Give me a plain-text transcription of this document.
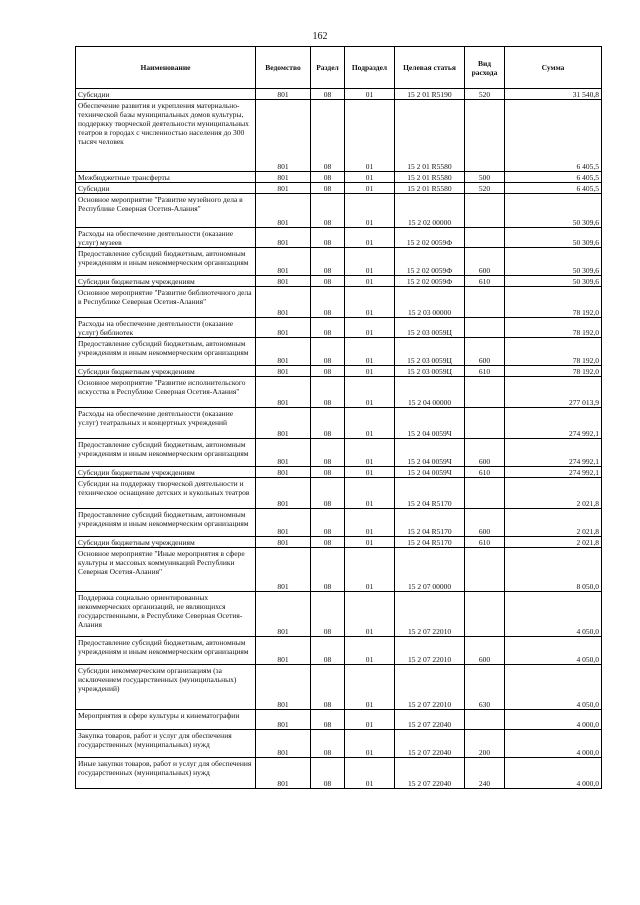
162
Наименование	Ведомство	Раздел	Подраздел	Целевая статья	Вид расхода	Сумма
Субсидии	801	08	01	15 2 01 R5190	520	31 540,8
Обеспечение развития и укрепления материально-технической базы муниципальных домов культуры, поддержку творческой деятельности муниципальных театров в городах с численностью населения до 300 тысяч человек	801	08	01	15 2 01 R5580		6 405,5
Межбюджетные трансферты	801	08	01	15 2 01 R5580	500	6 405,5
Субсидии	801	08	01	15 2 01 R5580	520	6 405,5
Основное мероприятие "Развитие музейного дела в Республике Северная Осетия-Алания"	801	08	01	15 2 02 00000		50 309,6
Расходы на обеспечение деятельности (оказание услуг) музеев	801	08	01	15 2 02 0059Ф		50 309,6
Предоставление субсидий бюджетным, автономным учреждениям и иным некоммерческим организациям	801	08	01	15 2 02 0059Ф	600	50 309,6
Субсидии бюджетным учреждениям	801	08	01	15 2 02 0059Ф	610	50 309,6
Основное мероприятие "Развитие библиотечного дела в Республике Северная Осетия-Алания"	801	08	01	15 2 03 00000		78 192,0
Расходы на обеспечение деятельности (оказание услуг) библиотек	801	08	01	15 2 03 0059Ц		78 192,0
Предоставление субсидий бюджетным, автономным учреждениям и иным некоммерческим организациям	801	08	01	15 2 03 0059Ц	600	78 192,0
Субсидии бюджетным учреждениям	801	08	01	15 2 03 0059Ц	610	78 192,0
Основное мероприятие "Развитие исполнительского искусства в Республике Северная Осетия-Алания"	801	08	01	15 2 04 00000		277 013,9
Расходы на обеспечение деятельности (оказание услуг) театральных и концертных учреждений	801	08	01	15 2 04 0059Ч		274 992,1
Предоставление субсидий бюджетным, автономным учреждениям и иным некоммерческим организациям	801	08	01	15 2 04 0059Ч	600	274 992,1
Субсидии бюджетным учреждениям	801	08	01	15 2 04 0059Ч	610	274 992,1
Субсидии на поддержку творческой деятельности и техническое оснащение детских и кукольных театров	801	08	01	15 2 04 R5170		2 021,8
Предоставление субсидий бюджетным, автономным учреждениям и иным некоммерческим организациям	801	08	01	15 2 04 R5170	600	2 021,8
Субсидии бюджетным учреждениям	801	08	01	15 2 04 R5170	610	2 021,8
Основное мероприятие "Иные мероприятия в сфере культуры и массовых коммуникаций Республики Северная Осетия-Алания"	801	08	01	15 2 07 00000		8 050,0
Поддержка социально ориентированных некоммерческих организаций, не являющихся государственными, в Республике Северная Осетия-Алания	801	08	01	15 2 07 22010		4 050,0
Предоставление субсидий бюджетным, автономным учреждениям и иным некоммерческим организациям	801	08	01	15 2 07 22010	600	4 050,0
Субсидии некоммерческим организациям (за исключением государственных (муниципальных) учреждений)	801	08	01	15 2 07 22010	630	4 050,0
Мероприятия в сфере культуры и кинематографии	801	08	01	15 2 07 22040		4 000,0
Закупка товаров, работ и услуг для обеспечения государственных (муниципальных) нужд	801	08	01	15 2 07 22040	200	4 000,0
Иные закупки товаров, работ и услуг для обеспечения государственных (муниципальных) нужд	801	08	01	15 2 07 22040	240	4 000,0
